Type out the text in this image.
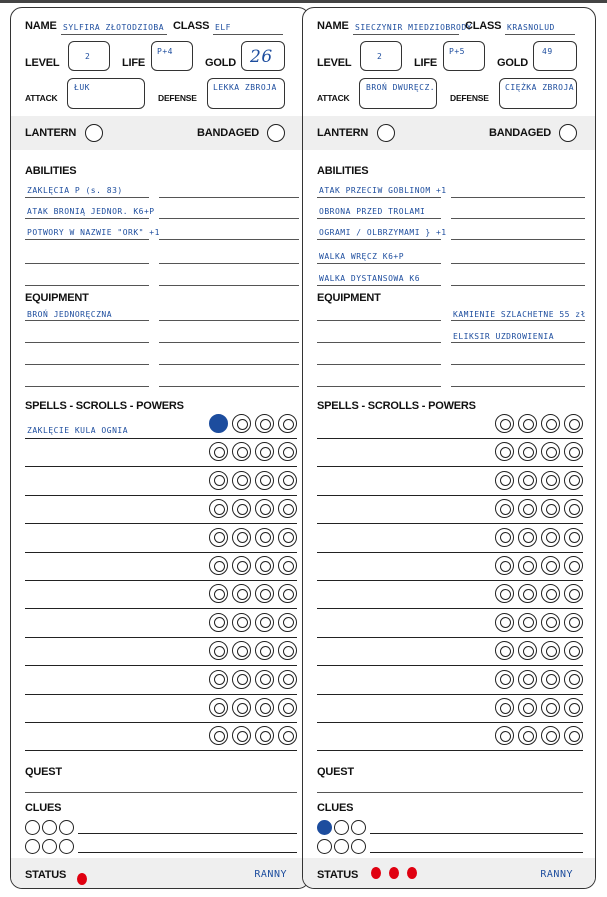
NAME SYLFIRA ZŁOTODZIOBA CLASS ELF
LEVEL
2
LIFE
P+4
GOLD 26
ATTACK
ŁUK
DEFENSE
LEKKA ZBROJA
LANTERN	BANDAGED
ABILITIES
ZAKLĘCIA P (s. 83)
ATAK BRONIĄ JEDNOR. K6+P
POTWORY W NAZWIE "ORK" +1
EQUIPMENT
BROŃ JEDNORĘCZNA
SPELLS - SCROLLS - POWERS
ZAKLĘCIE KULA OGNIA
QUEST
CLUES
STATUS	RANNY
NAME SIECZYNIR MIEDZIOBRODY
CLASS KRASNOLUD
LEVEL
2
LIFE
P+5
GOLD
49
ATTACK
BROŃ DWURĘCZ.
DEFENSE
CIĘŻKA ZBROJA
LANTERN	BANDAGED
ABILITIES
ATAK PRZECIW GOBLINOM +1
OBRONA PRZED TROLAMI
OGRAMI / OLBRZYMAMI } +1
WALKA WRĘCZ K6+P
WALKA DYSTANSOWA K6
EQUIPMENT
KAMIENIE SZLACHETNE 55 zł
ELIKSIR UZDROWIENIA
SPELLS - SCROLLS - POWERS
QUEST
CLUES
STATUS	RANNY
